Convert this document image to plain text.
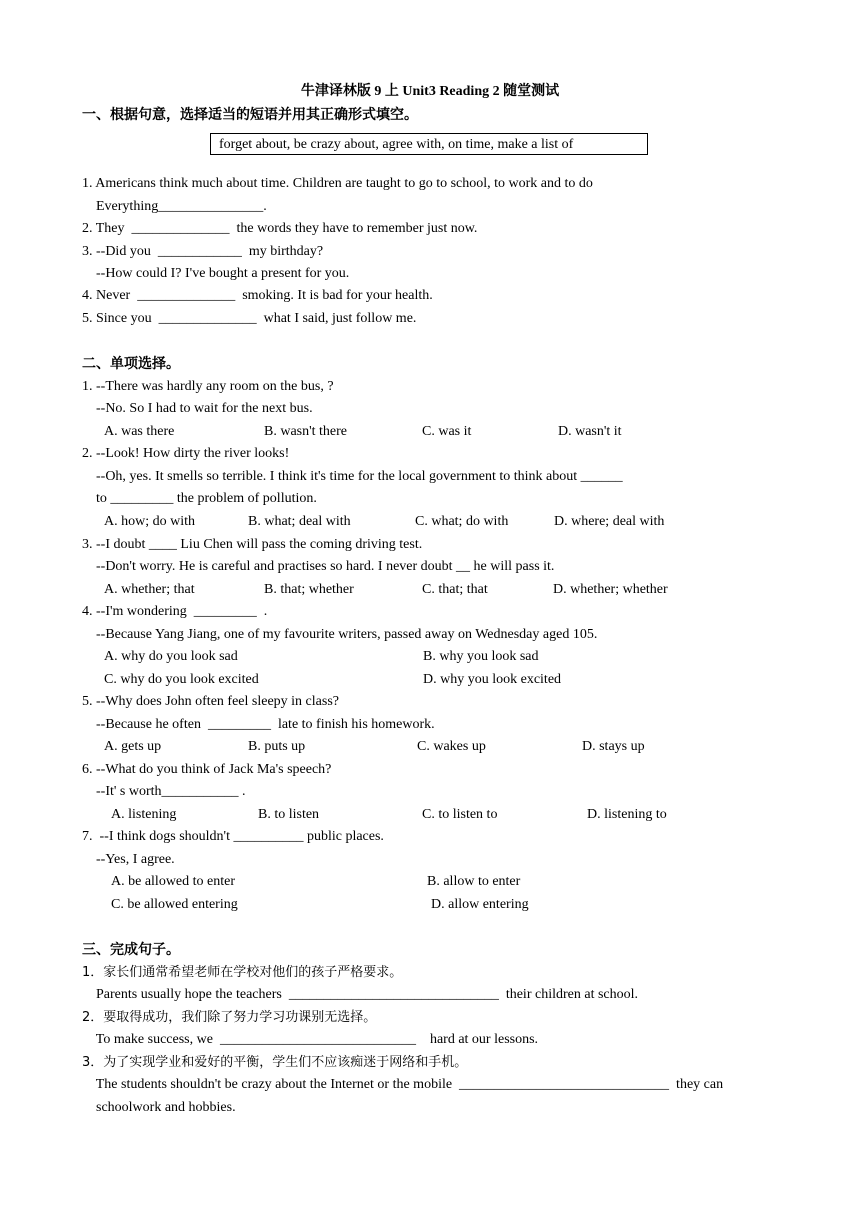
牛津译林版 9 上 Unit3 Reading 2 随堂测试
一、根据句意，选择适当的短语并用其正确形式填空。
forget about, be crazy about, agree with, on time, make a list of
1. Americans think much about time. Children are taught to go to school, to work and to do
Everything_______________.
2. They  ______________  the words they have to remember just now.
3. --Did you  ____________  my birthday?
--How could I? I've bought a present for you.
4. Never  ______________  smoking. It is bad for your health.
5. Since you  ______________  what I said, just follow me.
二、单项选择。
1. --There was hardly any room on the bus, ?
--No. So I had to wait for the next bus.
A. was there	B. wasn't there	C. was it	D. wasn't it
2. --Look! How dirty the river looks!
--Oh, yes. It smells so terrible. I think it's time for the local government to think about ______
to _________ the problem of pollution.
A. how; do with	B. what; deal with	C. what; do with	D. where; deal with
3. --I doubt ____ Liu Chen will pass the coming driving test.
--Don't worry. He is careful and practises so hard. I never doubt __ he will pass it.
A. whether; that	B. that; whether	C. that; that	D. whether; whether
4. --I'm wondering  _________  .
--Because Yang Jiang, one of my favourite writers, passed away on Wednesday aged 105.
A. why do you look sad	B. why you look sad
C. why do you look excited	D. why you look excited
5. --Why does John often feel sleepy in class?
--Because he often  _________  late to finish his homework.
A. gets up	B. puts up	C. wakes up	D. stays up
6. --What do you think of Jack Ma's speech?
--It' s worth___________ .
A. listening	B. to listen	C. to listen to	D. listening to
7.  --I think dogs shouldn't __________ public places.
--Yes, I agree.
A. be allowed to enter	B. allow to enter
C. be allowed entering	D. allow entering
三、完成句子。
1．家长们通常希望老师在学校对他们的孩子严格要求。
Parents usually hope the teachers  ______________________________  their children at school.
2．要取得成功，我们除了努力学习功课别无选择。
To make success, we  ____________________________    hard at our lessons.
3．为了实现学业和爱好的平衡，学生们不应该痴迷于网络和手机。
The students shouldn't be crazy about the Internet or the mobile  ______________________________  they can
schoolwork and hobbies.
